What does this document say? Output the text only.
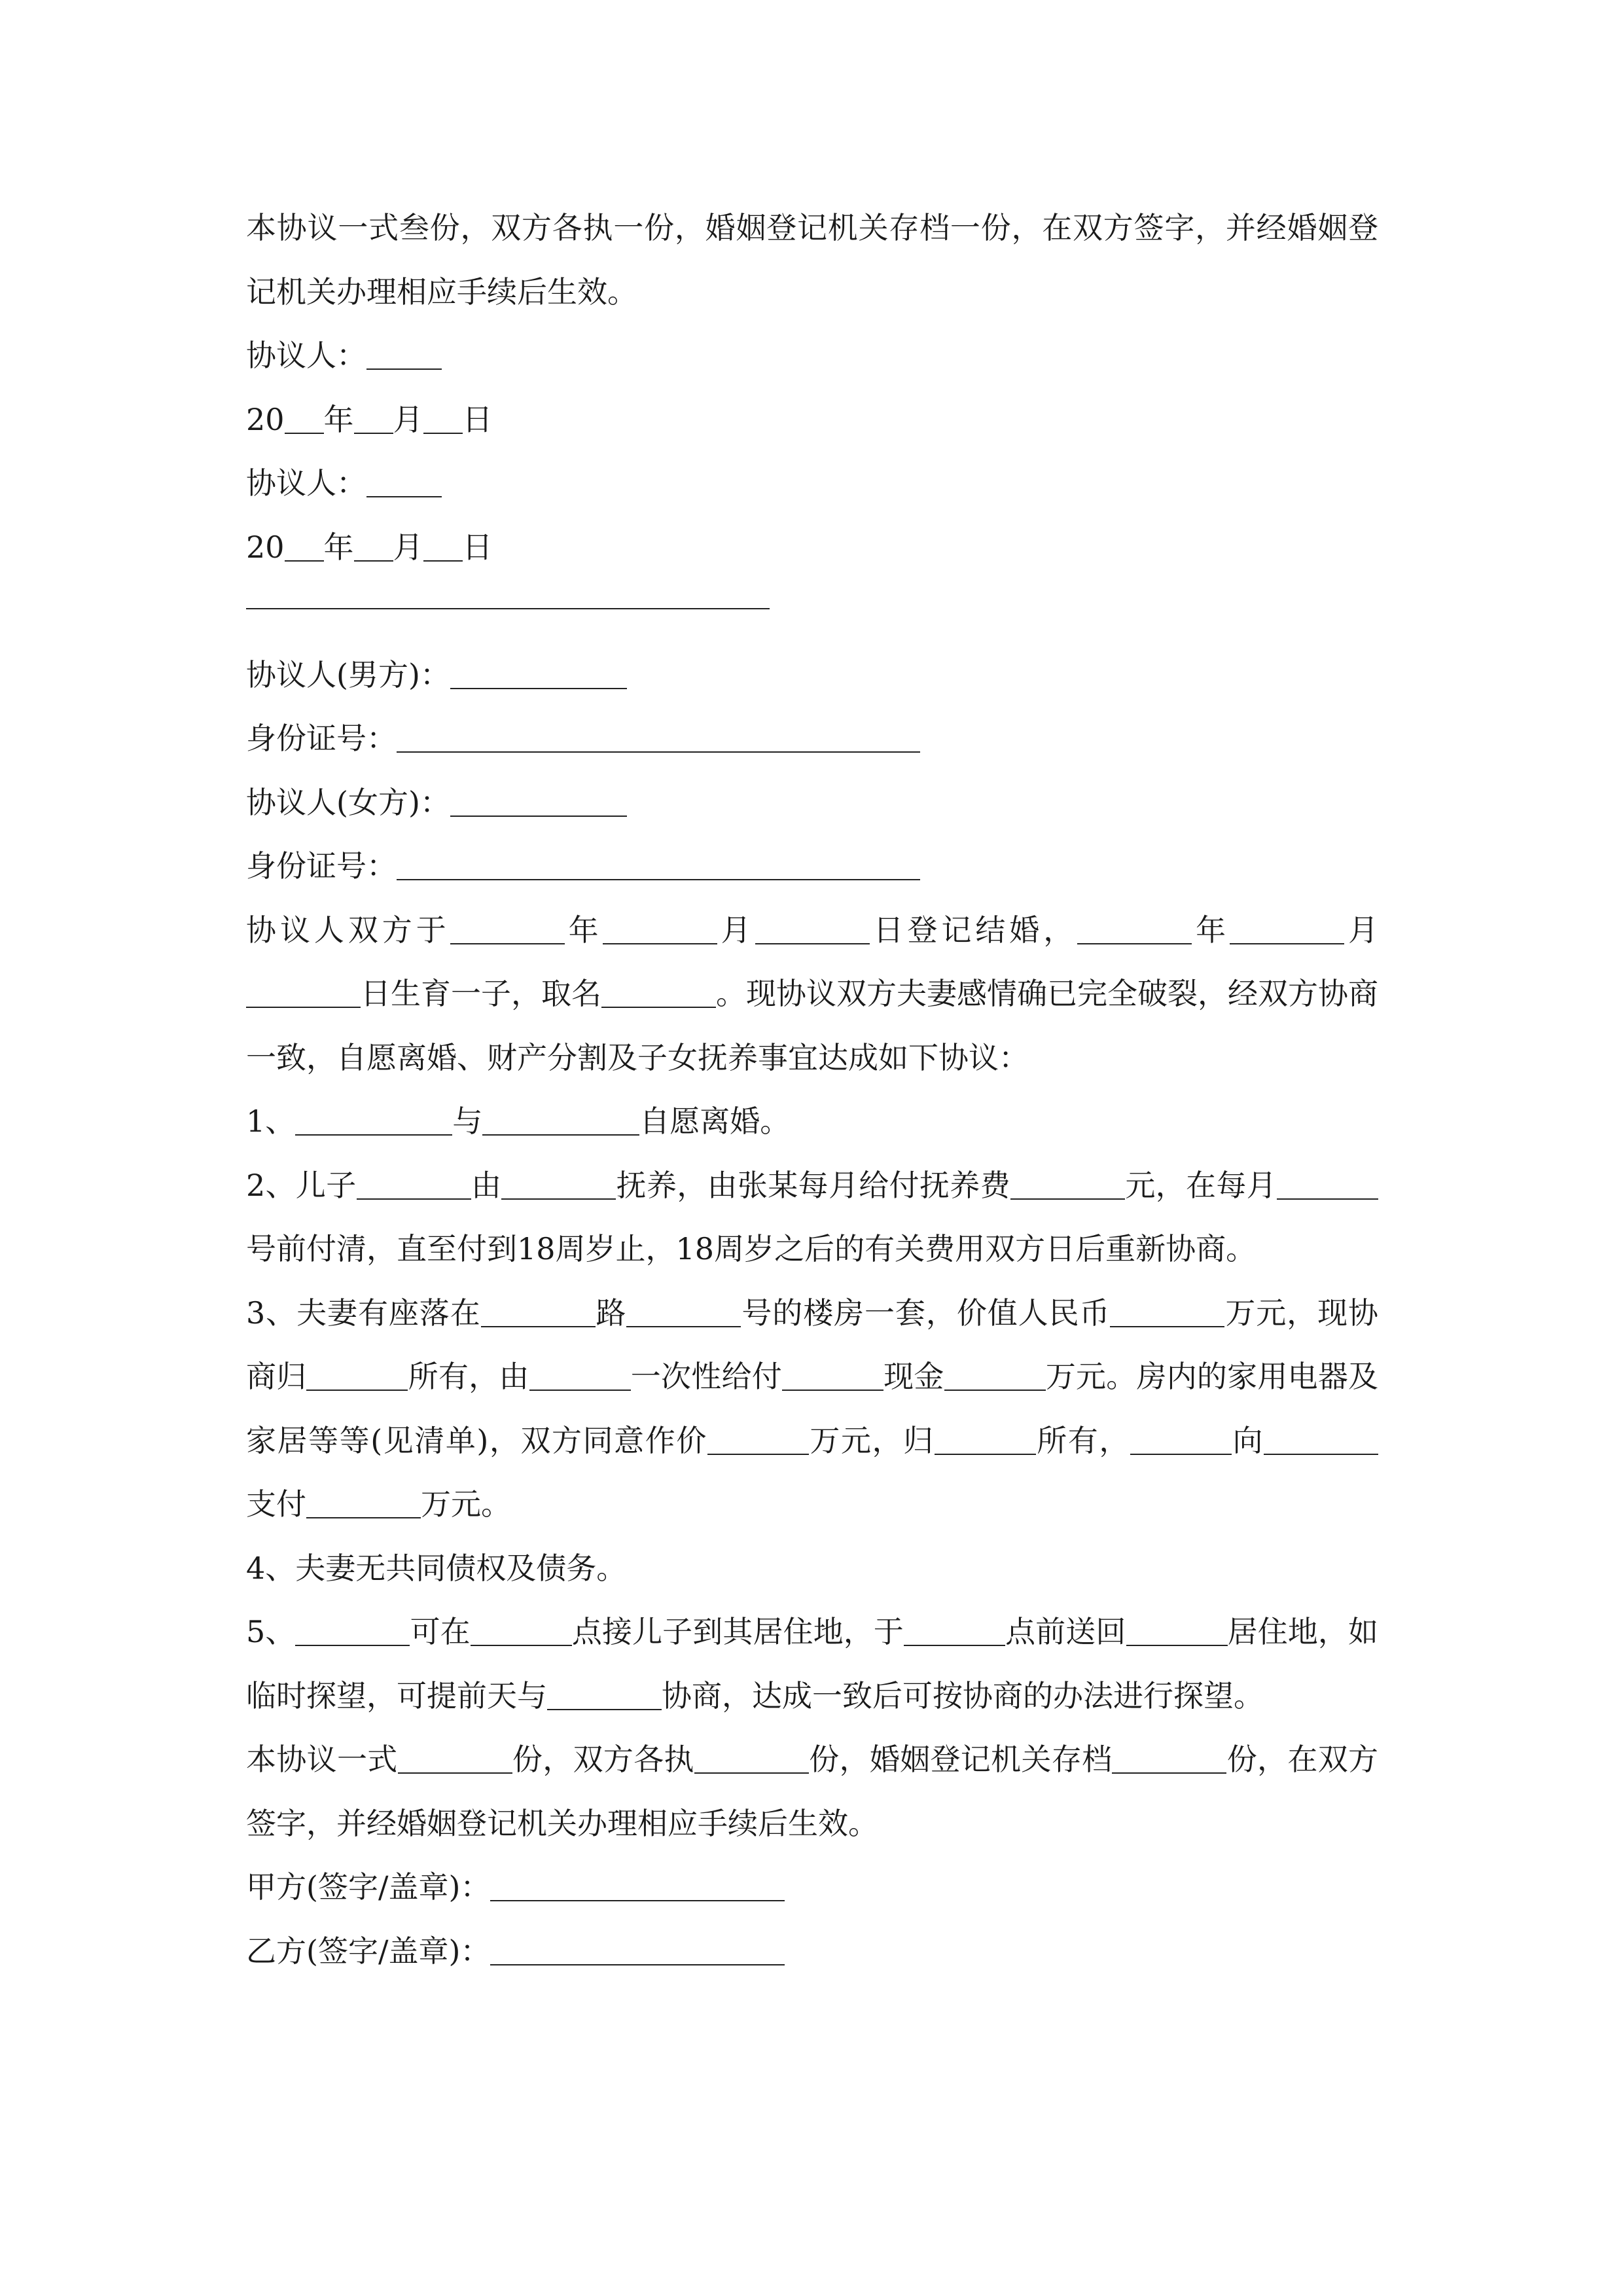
本协议一式叁份，双方各执一份，婚姻登记机关存档一份，在双方签字，并经婚姻登记机关办理相应手续后生效。

协议人：

20 年 月 日

协议人：

20 年 月 日

协议人(男方)：

身份证号：

协议人(女方)：

身份证号：

协议人双方于	年	月	日登记结婚，	年	月日生育一子，取名	。现协议双方夫妻感情确已完全破裂，经双方协商一致，自愿离婚、财产分割及子女抚养事宜达成如下协议：

1、	与	自愿离婚。

2、儿子	由	抚养，由张某每月给付抚养费	元，在每月号前付清，直至付到18周岁止，18周岁之后的有关费用双方日后重新协商。

3、夫妻有座落在	路	号的楼房一套，价值人民币	万元，现协商归	所有，由	一次性给付	现金	万元。房内的家用电器及家居等等(见清单)，双方同意作价	万元，归	所有，	向支付	万元。

4、夫妻无共同债权及债务。

5、	可在	点接儿子到其居住地，于	点前送回	居住地，如临时探望，可提前天与	协商，达成一致后可按协商的办法进行探望。

本协议一式	份，双方各执	份，婚姻登记机关存档	份，在双方签字，并经婚姻登记机关办理相应手续后生效。

甲方(签字/盖章)：

乙方(签字/盖章)：
